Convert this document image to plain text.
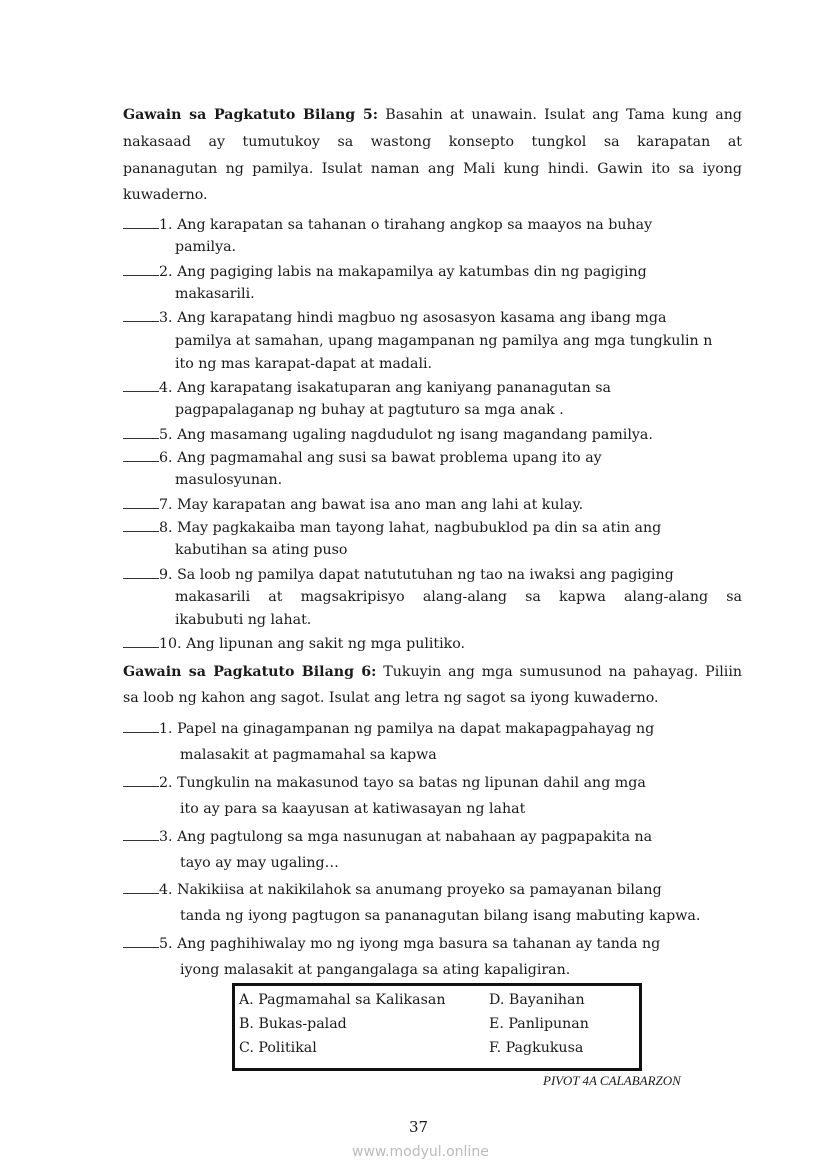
Gawain sa Pagkatuto Bilang 5: Basahin at unawain. Isulat ang Tama kung ang
nakasaad ay tumutukoy sa wastong konsepto tungkol sa karapatan at
pananagutan ng pamilya. Isulat naman ang Mali kung hindi. Gawin ito sa iyong
kuwaderno.
1. Ang karapatan sa tahanan o tirahang angkop sa maayos na buhay
pamilya.
2. Ang pagiging labis na makapamilya ay katumbas din ng pagiging
makasarili.
3. Ang karapatang hindi magbuo ng asosasyon kasama ang ibang mga
pamilya at samahan, upang magampanan ng pamilya ang mga tungkulin n
ito ng mas karapat-dapat at madali.
4. Ang karapatang isakatuparan ang kaniyang pananagutan sa
pagpapalaganap ng buhay at pagtuturo sa mga anak .
5. Ang masamang ugaling nagdudulot ng isang magandang pamilya.
6. Ang pagmamahal ang susi sa bawat problema upang ito ay
masulosyunan.
7. May karapatan ang bawat isa ano man ang lahi at kulay.
8. May pagkakaiba man tayong lahat, nagbubuklod pa din sa atin ang
kabutihan sa ating puso
9. Sa loob ng pamilya dapat natututuhan ng tao na iwaksi ang pagiging
makasarili at magsakripisyo alang-alang sa kapwa alang-alang sa
ikabubuti ng lahat.
10. Ang lipunan ang sakit ng mga pulitiko.
Gawain sa Pagkatuto Bilang 6: Tukuyin ang mga sumusunod na pahayag. Piliin
sa loob ng kahon ang sagot. Isulat ang letra ng sagot sa iyong kuwaderno.
1. Papel na ginagampanan ng pamilya na dapat makapagpahayag ng
malasakit at pagmamahal sa kapwa
2. Tungkulin na makasunod tayo sa batas ng lipunan dahil ang mga
ito ay para sa kaayusan at katiwasayan ng lahat
3. Ang pagtulong sa mga nasunugan at nabahaan ay pagpapakita na
tayo ay may ugaling…
4. Nakikiisa at nakikilahok sa anumang proyeko sa pamayanan bilang
tanda ng iyong pagtugon sa pananagutan bilang isang mabuting kapwa.
5. Ang paghihiwalay mo ng iyong mga basura sa tahanan ay tanda ng
iyong malasakit at pangangalaga sa ating kapaligiran.
A. Pagmamahal sa Kalikasan
B. Bukas-palad
C. Politikal
D. Bayanihan
E. Panlipunan
F. Pagkukusa
PIVOT 4A CALABARZON
37
www.modyul.online
